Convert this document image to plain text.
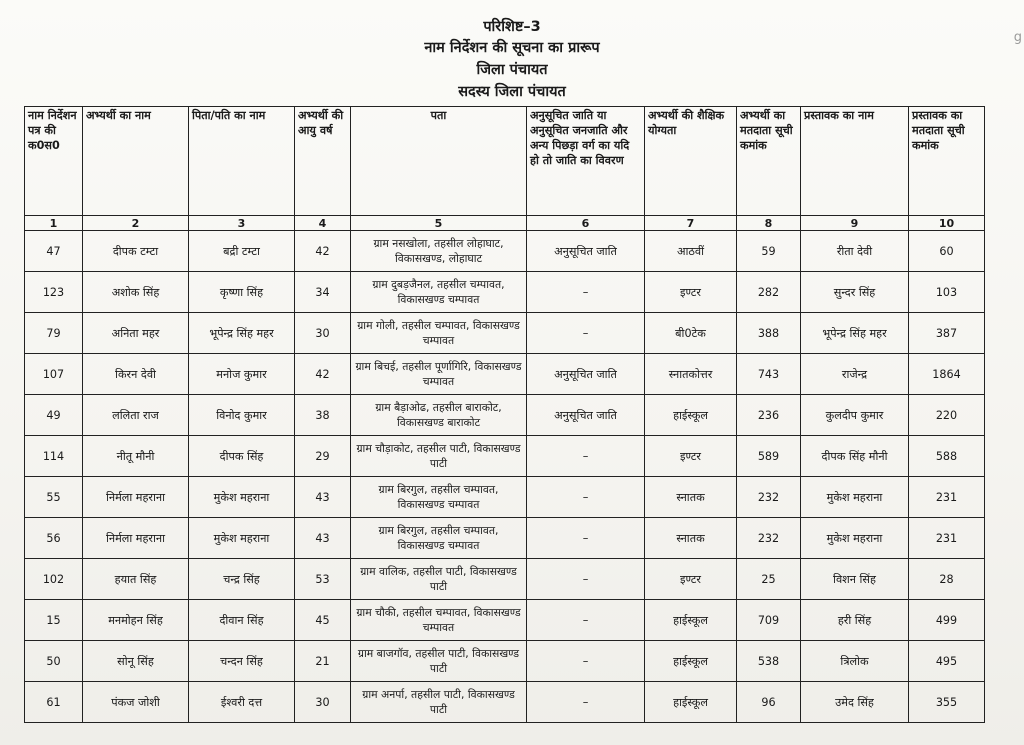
परिशिष्ट–3
नाम निर्देशन की सूचना का प्रारूप
जिला पंचायत
सदस्य जिला पंचायत
g
नाम निर्देशन पत्र की क0स0	अभ्यर्थी का नाम	पिता/पति का नाम	अभ्यर्थी की आयु वर्ष	पता	अनुसूचित जाति या अनुसूचित जनजाति और अन्य पिछड़ा वर्ग का यदि हो तो जाति का विवरण	अभ्यर्थी की शैक्षिक योग्यता	अभ्यर्थी का मतदाता सूची कमांक	प्रस्तावक का नाम	प्रस्तावक का मतदाता सूची कमांक
1	2	3	4	5	6	7	8	9	10
47	दीपक टम्टा	बद्री टम्टा	42	ग्राम नसखोला, तहसील लोहाघाट, विकासखण्ड, लोहाघाट	अनुसूचित जाति	आठवीं	59	रीता देवी	60
123	अशोक सिंह	कृष्णा सिंह	34	ग्राम दुबड़जैनल, तहसील चम्पावत, विकासखण्ड चम्पावत	–	इण्टर	282	सुन्दर सिंह	103
79	अनिता महर	भूपेन्द्र सिंह महर	30	ग्राम गोली, तहसील चम्पावत, विकासखण्ड चम्पावत	–	बी0टेक	388	भूपेन्द्र सिंह महर	387
107	किरन देवी	मनोज कुमार	42	ग्राम बिचई, तहसील पूर्णागिरि, विकासखण्ड चम्पावत	अनुसूचित जाति	स्नातकोत्तर	743	राजेन्द्र	1864
49	ललिता राज	विनोद कुमार	38	ग्राम बैड़ाओढ, तहसील बाराकोट, विकासखण्ड बाराकोट	अनुसूचित जाति	हाईस्कूल	236	कुलदीप कुमार	220
114	नीतू मौनी	दीपक सिंह	29	ग्राम चौड़ाकोट, तहसील पाटी, विकासखण्ड पाटी	–	इण्टर	589	दीपक सिंह मौनी	588
55	निर्मला महराना	मुकेश महराना	43	ग्राम बिरगुल, तहसील चम्पावत, विकासखण्ड चम्पावत	–	स्नातक	232	मुकेश महराना	231
56	निर्मला महराना	मुकेश महराना	43	ग्राम बिरगुल, तहसील चम्पावत, विकासखण्ड चम्पावत	–	स्नातक	232	मुकेश महराना	231
102	हयात सिंह	चन्द्र सिंह	53	ग्राम वालिक, तहसील पाटी, विकासखण्ड पाटी	–	इण्टर	25	विशन सिंह	28
15	मनमोहन सिंह	दीवान सिंह	45	ग्राम चौकी, तहसील चम्पावत, विकासखण्ड चम्पावत	–	हाईस्कूल	709	हरी सिंह	499
50	सोनू सिंह	चन्दन सिंह	21	ग्राम बाजगॉव, तहसील पाटी, विकासखण्ड पाटी	–	हाईस्कूल	538	त्रिलोक	495
61	पंकज जोशी	ईश्वरी दत्त	30	ग्राम अनर्पा, तहसील पाटी, विकासखण्ड पाटी	–	हाईस्कूल	96	उमेद सिंह	355
